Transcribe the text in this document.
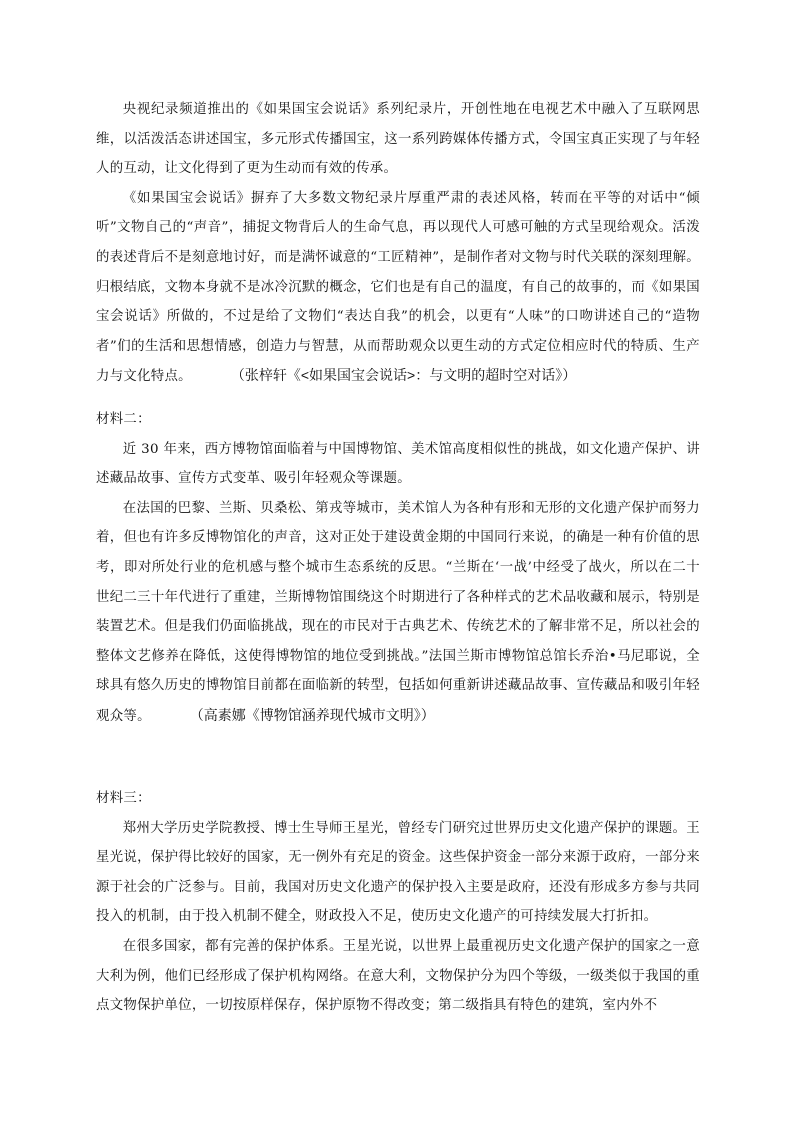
央视纪录频道推出的《如果国宝会说话》系列纪录片，开创性地在电视艺术中融入了互联网思维，以活泼活态讲述国宝，多元形式传播国宝，这一系列跨媒体传播方式，令国宝真正实现了与年轻人的互动，让文化得到了更为生动而有效的传承。

《如果国宝会说话》摒弃了大多数文物纪录片厚重严肃的表述风格，转而在平等的对话中“倾听”文物自己的“声音”，捕捉文物背后人的生命气息，再以现代人可感可触的方式呈现给观众。活泼的表述背后不是刻意地讨好，而是满怀诚意的“工匠精神”，是制作者对文物与时代关联的深刻理解。归根结底，文物本身就不是冰冷沉默的概念，它们也是有自己的温度，有自己的故事的，而《如果国宝会说话》所做的，不过是给了文物们“表达自我”的机会，以更有“人味”的口吻讲述自己的“造物者”们的生活和思想情感，创造力与智慧，从而帮助观众以更生动的方式定位相应时代的特质、生产力与文化特点。	（张梓轩《<如果国宝会说话>：与文明的超时空对话》）

材料二：

近 30 年来，西方博物馆面临着与中国博物馆、美术馆高度相似性的挑战，如文化遗产保护、讲述藏品故事、宣传方式变革、吸引年轻观众等课题。

在法国的巴黎、兰斯、贝桑松、第戎等城市，美术馆人为各种有形和无形的文化遗产保护而努力着，但也有许多反博物馆化的声音，这对正处于建设黄金期的中国同行来说，的确是一种有价值的思考，即对所处行业的危机感与整个城市生态系统的反思。“兰斯在‘一战’中经受了战火，所以在二十世纪二三十年代进行了重建，兰斯博物馆围绕这个时期进行了各种样式的艺术品收藏和展示，特别是装置艺术。但是我们仍面临挑战，现在的市民对于古典艺术、传统艺术的了解非常不足，所以社会的整体文艺修养在降低，这使得博物馆的地位受到挑战。”法国兰斯市博物馆总馆长乔治•马尼耶说，全球具有悠久历史的博物馆目前都在面临新的转型，包括如何重新讲述藏品故事、宣传藏品和吸引年轻观众等。	（高素娜《博物馆涵养现代城市文明》）

材料三：

郑州大学历史学院教授、博士生导师王星光，曾经专门研究过世界历史文化遗产保护的课题。王星光说，保护得比较好的国家，无一例外有充足的资金。这些保护资金一部分来源于政府，一部分来源于社会的广泛参与。目前，我国对历史文化遗产的保护投入主要是政府，还没有形成多方参与共同投入的机制，由于投入机制不健全，财政投入不足，使历史文化遗产的可持续发展大打折扣。

在很多国家，都有完善的保护体系。王星光说，以世界上最重视历史文化遗产保护的国家之一意大利为例，他们已经形成了保护机构网络。在意大利，文物保护分为四个等级，一级类似于我国的重点文物保护单位，一切按原样保存，保护原物不得改变；第二级指具有特色的建筑，室内外不
